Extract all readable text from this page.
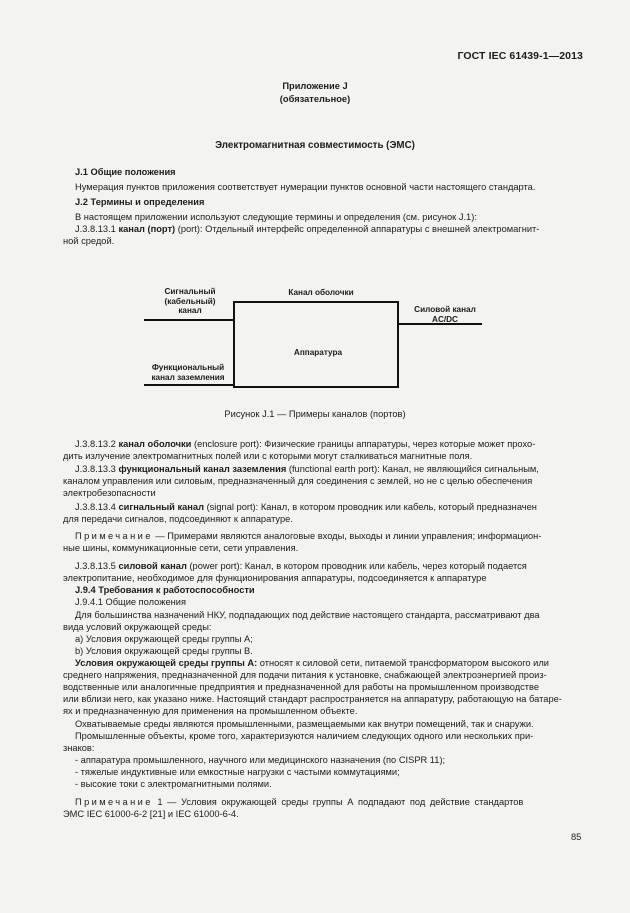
ГОСТ IEC 61439-1—2013
Приложение J
(обязательное)
Электромагнитная совместимость (ЭМС)
J.1 Общие положения
Нумерация пунктов приложения соответствует нумерации пунктов основной части настоящего стандарта.
J.2 Термины и определения
В настоящем приложении используют следующие термины и определения (см. рисунок J.1):
J.3.8.13.1 канал (порт) (port): Отдельный интерфейс определенной аппаратуры с внешней электромагнит-
ной средой.
Сигнальный
(кабельный)
канал
Канал оболочки
Силовой канал
AC/DC
Аппаратура
Функциональный
канал заземления
Рисунок J.1 — Примеры каналов (портов)
J.3.8.13.2 канал оболочки (enclosure port): Физические границы аппаратуры, через которые может прохо-
дить излучение электромагнитных полей или с которыми могут сталкиваться магнитные поля.
J.3.8.13.3 функциональный канал заземления (functional earth port): Канал, не являющийся сигнальным,
каналом управления или силовым, предназначенный для соединения с землей, но не с целью обеспечения
электробезопасности
J.3.8.13.4 сигнальный канал (signal port): Канал, в котором проводник или кабель, который предназначен
для передачи сигналов, подсоединяют к аппаратуре.
Примечание — Примерами являются аналоговые входы, выходы и линии управления; информацион-
ные шины, коммуникационные сети, сети управления.
J.3.8.13.5 силовой канал (power port): Канал, в котором проводник или кабель, через который подается
электропитание, необходимое для функционирования аппаратуры, подсоединяется к аппаратуре
J.9.4 Требования к работоспособности
J.9.4.1 Общие положения
Для большинства назначений НКУ, подпадающих под действие настоящего стандарта, рассматривают два
вида условий окружающей среды:
a) Условия окружающей среды группы А;
b) Условия окружающей среды группы В.
Условия окружающей среды группы А: относят к силовой сети, питаемой трансформатором высокого или
среднего напряжения, предназначенной для подачи питания к установке, снабжающей электроэнергией произ-
водственные или аналогичные предприятия и предназначенной для работы на промышленном производстве
или вблизи него, как указано ниже. Настоящий стандарт распространяется на аппаратуру, работающую на батаре-
ях и предназначенную для применения на промышленном объекте.
Охватываемые среды являются промышленными, размещаемыми как внутри помещений, так и снаружи.
Промышленные объекты, кроме того, характеризуются наличием следующих одного или нескольких при-
знаков:
- аппаратура промышленного, научного или медицинского назначения (по CISPR 11);
- тяжелые индуктивные или емкостные нагрузки с частыми коммутациями;
- высокие токи с электромагнитными полями.
Примечание 1 — Условия окружающей среды группы А подпадают под действие стандартов
ЭМС IEC 61000-6-2 [21] и IEC 61000-6-4.
85
